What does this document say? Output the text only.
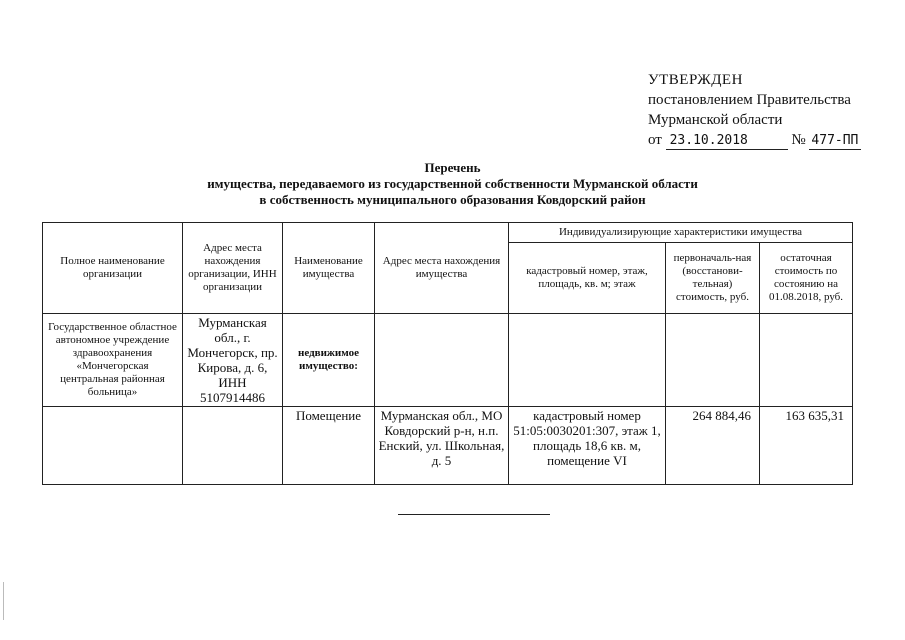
УТВЕРЖДЕН
постановлением Правительства
Мурманской области
от 23.10.2018	№ 477-ПП
Перечень
имущества, передаваемого из государственной собственности Мурманской области
в собственность муниципального образования Ковдорский район
Полное наименование организации	Адрес места нахождения организации, ИНН организации	Наименование имущества	Адрес места нахождения имущества	Индивидуализирующие характеристики имущества		
				кадастровый номер, этаж, площадь, кв. м; этаж	первоначаль-ная (восстанови-тельная) стоимость, руб.	остаточная стоимость по состоянию на 01.08.2018, руб.
Государственное областное автономное учреждение здравоохранения «Мончегорская центральная районная больница»	Мурманская обл., г. Мончегорск, пр. Кирова, д. 6, ИНН 5107914486	недвижимое имущество:				
		Помещение	Мурманская обл., МО Ковдорский р-н, н.п. Енский, ул. Школьная, д. 5	кадастровый номер 51:05:0030201:307, этаж 1, площадь 18,6 кв. м, помещение VI	264 884,46	163 635,31
